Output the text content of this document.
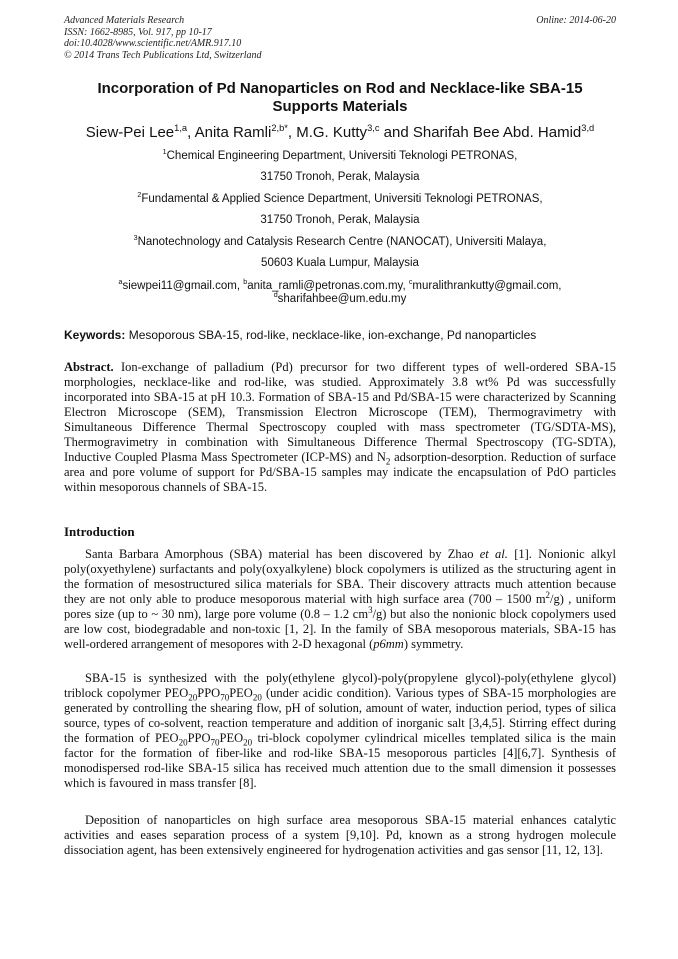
Advanced Materials Research
ISSN: 1662-8985, Vol. 917, pp 10-17
doi:10.4028/www.scientific.net/AMR.917.10
© 2014 Trans Tech Publications Ltd, Switzerland
Online: 2014-06-20
Incorporation of Pd Nanoparticles on Rod and Necklace-like SBA-15
Supports Materials
Siew-Pei Lee$^{1,a}$, Anita Ramli$^{2,b*}$, M.G. Kutty$^{3,c}$ and Sharifah Bee Abd. Hamid$^{3,d}$
$^1$Chemical Engineering Department, Universiti Teknologi PETRONAS,
31750 Tronoh, Perak, Malaysia
$^2$Fundamental & Applied Science Department, Universiti Teknologi PETRONAS,
31750 Tronoh, Perak, Malaysia
$^3$Nanotechnology and Catalysis Research Centre (NANOCAT), Universiti Malaya,
50603 Kuala Lumpur, Malaysia
$^a$siewpei11@gmail.com, $^b$anita_ramli@petronas.com.my, $^c$muralithrankutty@gmail.com,
$^d$sharifahbee@um.edu.my
Keywords: Mesoporous SBA-15, rod-like, necklace-like, ion-exchange, Pd nanoparticles
Abstract. Ion-exchange of palladium (Pd) precursor for two different types of well-ordered SBA-15 morphologies, necklace-like and rod-like, was studied. Approximately 3.8 wt% Pd was successfully incorporated into SBA-15 at pH 10.3. Formation of SBA-15 and Pd/SBA-15 were characterized by Scanning Electron Microscope (SEM), Transmission Electron Microscope (TEM), Thermogravimetry with Simultaneous Difference Thermal Spectroscopy coupled with mass spectrometer (TG/SDTA-MS), Thermogravimetry in combination with Simultaneous Difference Thermal Spectroscopy (TG-SDTA), Inductive Coupled Plasma Mass Spectrometer (ICP-MS) and $N_2$ adsorption-desorption. Reduction of surface area and pore volume of support for Pd/SBA-15 samples may indicate the encapsulation of PdO particles within mesoporous channels of SBA-15.
Introduction
Santa Barbara Amorphous (SBA) material has been discovered by Zhao et al. [1]. Nonionic alkyl poly(oxyethylene) surfactants and poly(oxyalkylene) block copolymers is utilized as the structuring agent in the formation of mesostructured silica materials for SBA. Their discovery attracts much attention because they are not only able to produce mesoporous material with high surface area (700 – 1500 $m^2/g$) , uniform pores size (up to ~ 30 nm), large pore volume (0.8 – 1.2 $cm^3/g$) but also the nonionic block copolymers used are low cost, biodegradable and non-toxic [1, 2]. In the family of SBA mesoporous materials, SBA-15 has well-ordered arrangement of mesopores with 2-D hexagonal (p6mm) symmetry.
SBA-15 is synthesized with the poly(ethylene glycol)-poly(propylene glycol)-poly(ethylene glycol) triblock copolymer $PEO_{20}PPO_{70}PEO_{20}$ (under acidic condition). Various types of SBA-15 morphologies are generated by controlling the shearing flow, pH of solution, amount of water, induction period, types of silica source, types of co-solvent, reaction temperature and addition of inorganic salt [3,4,5]. Stirring effect during the formation of $PEO_{20}PPO_{70}PEO_{20}$ tri-block copolymer cylindrical micelles templated silica is the main factor for the formation of fiber-like and rod-like SBA-15 mesoporous particles [4][6,7]. Synthesis of monodispersed rod-like SBA-15 silica has received much attention due to the small dimension it possesses which is favoured in mass transfer [8].
Deposition of nanoparticles on high surface area mesoporous SBA-15 material enhances catalytic activities and eases separation process of a system [9,10]. Pd, known as a strong hydrogen molecule dissociation agent, has been extensively engineered for hydrogenation activities and gas sensor [11, 12, 13].
